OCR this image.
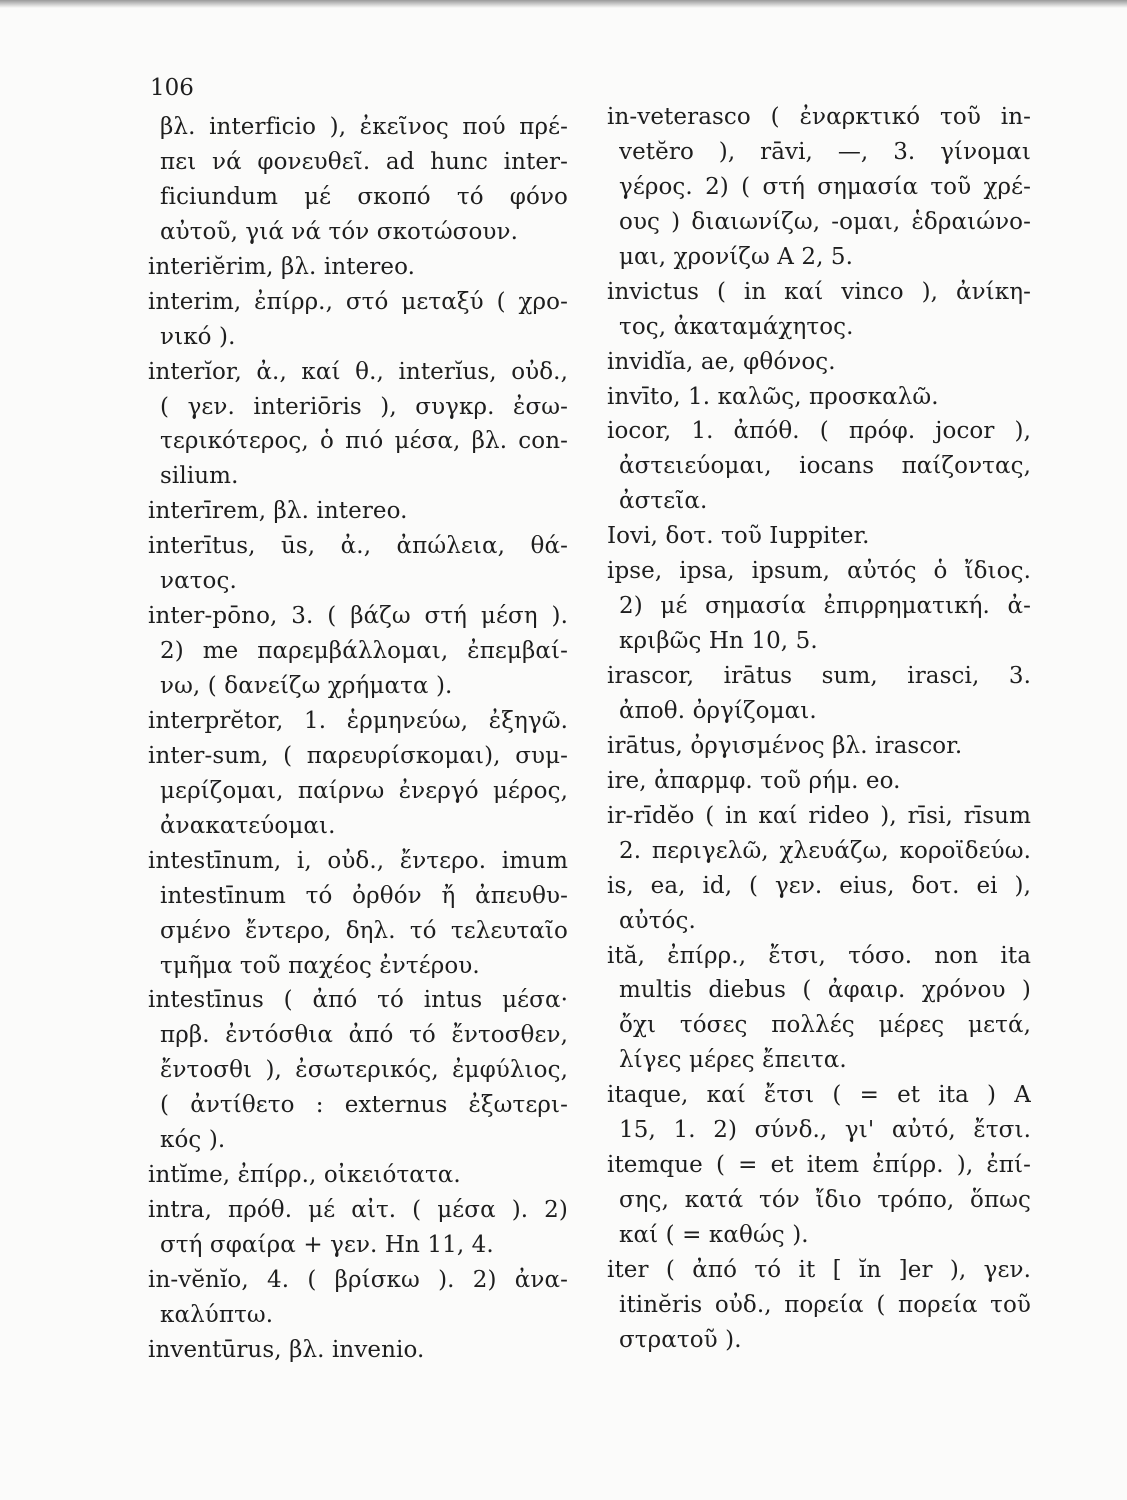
106
βλ. interficio ), ἐκεῖνος πού πρέ-
πει νά φονευθεῖ. ad hunc inter-
ficiundum μέ σκοπό τό φόνο
αὐτοῦ, γιά νά τόν σκοτώσουν.
interiĕrim, βλ. intereo.
interim, ἐπίρρ., στό μεταξύ ( χρο-
νικό ).
interĭor, ἀ., καί θ., interĭus, οὐδ.,
( γεν. interiōris ), συγκρ. ἐσω-
τερικότερος, ὁ πιό μέσα, βλ. con-
silium.
interīrem, βλ. intereo.
interītus, ūs, ἀ., ἀπώλεια, θά-
νατος.
inter-pōno, 3. ( βάζω στή μέση ).
2) me παρεμβάλλομαι, ἐπεμβαί-
νω, ( δανείζω χρήματα ).
interprĕtor, 1. ἑρμηνεύω, ἐξηγῶ.
inter-sum, ( παρευρίσκομαι), συμ-
μερίζομαι, παίρνω ἐνεργό μέρος,
ἀνακατεύομαι.
intestīnum, i, οὐδ., ἔντερο. imum
intestīnum τό ὀρθόν ἤ ἀπευθυ-
σμένο ἔντερο, δηλ. τό τελευταῖο
τμῆμα τοῦ παχέος ἐντέρου.
intestīnus ( ἀπό τό intus μέσα·
πρβ. ἐντόσθια ἀπό τό ἔντοσθεν,
ἔντοσθι ), ἐσωτερικός, ἐμφύλιος,
( ἀντίθετο : externus ἐξωτερι-
κός ).
intĭme, ἐπίρρ., οἰκειότατα.
intra, πρόθ. μέ αἰτ. ( μέσα ). 2)
στή σφαίρα + γεν. Hn 11, 4.
in-vĕnĭo, 4. ( βρίσκω ). 2) ἀνα-
καλύπτω.
inventūrus, βλ. invenio.
in-veterasco ( ἐναρκτικό τοῦ in-
vetĕro ), rāvi, —, 3. γίνομαι
γέρος. 2) ( στή σημασία τοῦ χρέ-
ους ) διαιωνίζω, -ομαι, ἑδραιώνο-
μαι, χρονίζω A 2, 5.
invictus ( in καί vinco ), ἀνίκη-
τος, ἀκαταμάχητος.
invidĭa, ae, φθόνος.
invīto, 1. καλῶς, προσκαλῶ.
iocor, 1. ἀπόθ. ( πρόφ. jocor ),
ἀστειεύομαι, iocans παίζοντας,
ἀστεῖα.
Iovi, δοτ. τοῦ Iuppiter.
ipse, ipsa, ipsum, αὐτός ὁ ἴδιος.
2) μέ σημασία ἐπιρρηματική. ἀ-
κριβῶς Hn 10, 5.
irascor, irātus sum, irasci, 3.
ἀποθ. ὀργίζομαι.
irātus, ὀργισμένος βλ. irascor.
ire, ἀπαρμφ. τοῦ ρήμ. eo.
ir-rīdĕo ( in καί rideo ), rīsi, rīsum
2. περιγελῶ, χλευάζω, κοροϊδεύω.
is, ea, id, ( γεν. eius, δοτ. ei ),
αὐτός.
ită, ἐπίρρ., ἔτσι, τόσο. non ita
multis diebus ( ἀφαιρ. χρόνου )
ὄχι τόσες πολλές μέρες μετά,
λίγες μέρες ἔπειτα.
itaque, καί ἔτσι ( = et ita ) A
15, 1. 2) σύνδ., γι' αὐτό, ἔτσι.
itemque ( = et item ἐπίρρ. ), ἐπί-
σης, κατά τόν ἴδιο τρόπο, ὅπως
καί ( = καθώς ).
iter ( ἀπό τό it [ ĭn ]er ), γεν.
itinĕris οὐδ., πορεία ( πορεία τοῦ
στρατοῦ ).
